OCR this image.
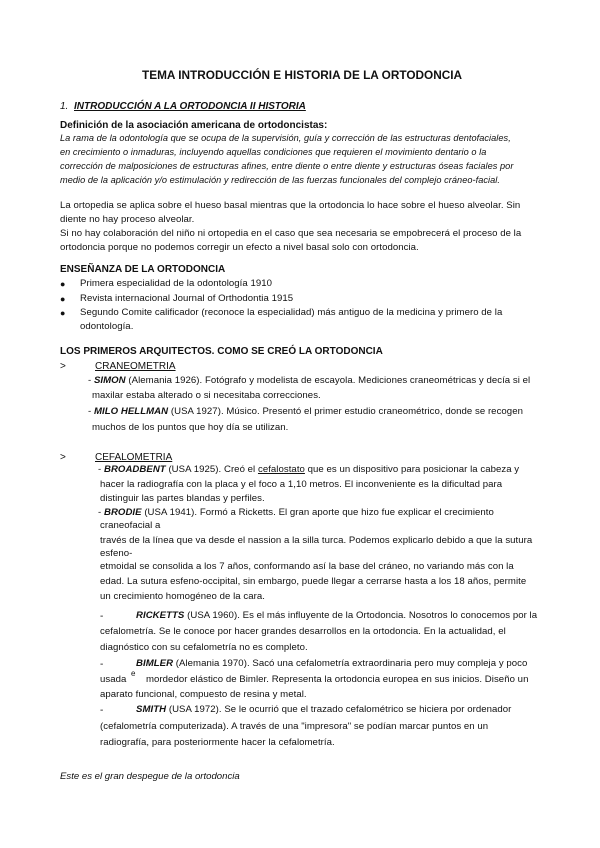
TEMA INTRODUCCIÓN E HISTORIA DE LA ORTODONCIA
1. INTRODUCCIÓN A LA ORTODONCIA II HISTORIA
Definición de la asociación americana de ortodoncistas:
La rama de la odontología que se ocupa de la supervisión, guía y corrección de las estructuras dentofaciales,
en crecimiento o inmaduras, incluyendo aquellas condiciones que requieren el movimiento dentario o la
corrección de malposiciones de estructuras afines, entre diente o entre diente y estructuras óseas faciales por
medio de la aplicación y/o estimulación y redirección de las fuerzas funcionales del complejo cráneo-facial.
La ortopedia se aplica sobre el hueso basal mientras que la ortodoncia lo hace sobre el hueso alveolar. Sin
diente no hay proceso alveolar.
Si no hay colaboración del niño ni ortopedia en el caso que sea necesaria se empobrecerá el proceso de la
ortodoncia porque no podemos corregir un efecto a nivel basal solo con ortodoncia.
ENSEÑANZA DE LA ORTODONCIA
● Primera especialidad de la odontología 1910
● Revista internacional Journal of Orthodontia 1915
● Segundo Comite calificador (reconoce la especialidad) más antiguo de la medicina y primero de la
odontología.
LOS PRIMEROS ARQUITECTOS. COMO SE CREÓ LA ORTODONCIA
>	CRANEOMETRIA
- SIMON (Alemania 1926). Fotógrafo y modelista de escayola. Mediciones craneométricas y decía si el
maxilar estaba alterado o si necesitaba correcciones.
- MILO HELLMAN (USA 1927). Músico. Presentó el primer estudio craneométrico, donde se recogen
muchos de los puntos que hoy día se utilizan.
>	CEFALOMETRIA
- BROADBENT (USA 1925). Creó el cefalostato que es un dispositivo para posicionar la cabeza y
hacer la radiografía con la placa y el foco a 1,10 metros. El inconveniente es la dificultad para
distinguir las partes blandas y perfiles.
- BRODIE (USA 1941). Formó a Ricketts. El gran aporte que hizo fue explicar el crecimiento
craneofacial a
través de la línea que va desde el nassion a la silla turca. Podemos explicarlo debido a que la sutura
esfeno-
etmoidal se consolida a los 7 años, conformando así la base del cráneo, no variando más con la
edad. La sutura esfeno-occipital, sin embargo, puede llegar a cerrarse hasta a los 18 años, permite
un crecimiento homogéneo de la cara.
-	RICKETTS (USA 1960). Es el más influyente de la Ortodoncia. Nosotros lo conocemos por la
cefalometría. Se le conoce por hacer grandes desarrollos en la ortodoncia. En la actualidad, el
diagnóstico con su cefalometría no es completo.
-	BIMLER (Alemania 1970). Sacó una cefalometría extraordinaria pero muy compleja y poco
usada
e
mordedor elástico de Bimler. Representa la ortodoncia europea en sus inicios. Diseño un
aparato funcional, compuesto de resina y metal.
-	SMITH (USA 1972). Se le ocurrió que el trazado cefalométrico se hiciera por ordenador
(cefalometría computerizada). A través de una "impresora" se podían marcar puntos en un
radiografía, para posteriormente hacer la cefalometría.
Este es el gran despegue de la ortodoncia
